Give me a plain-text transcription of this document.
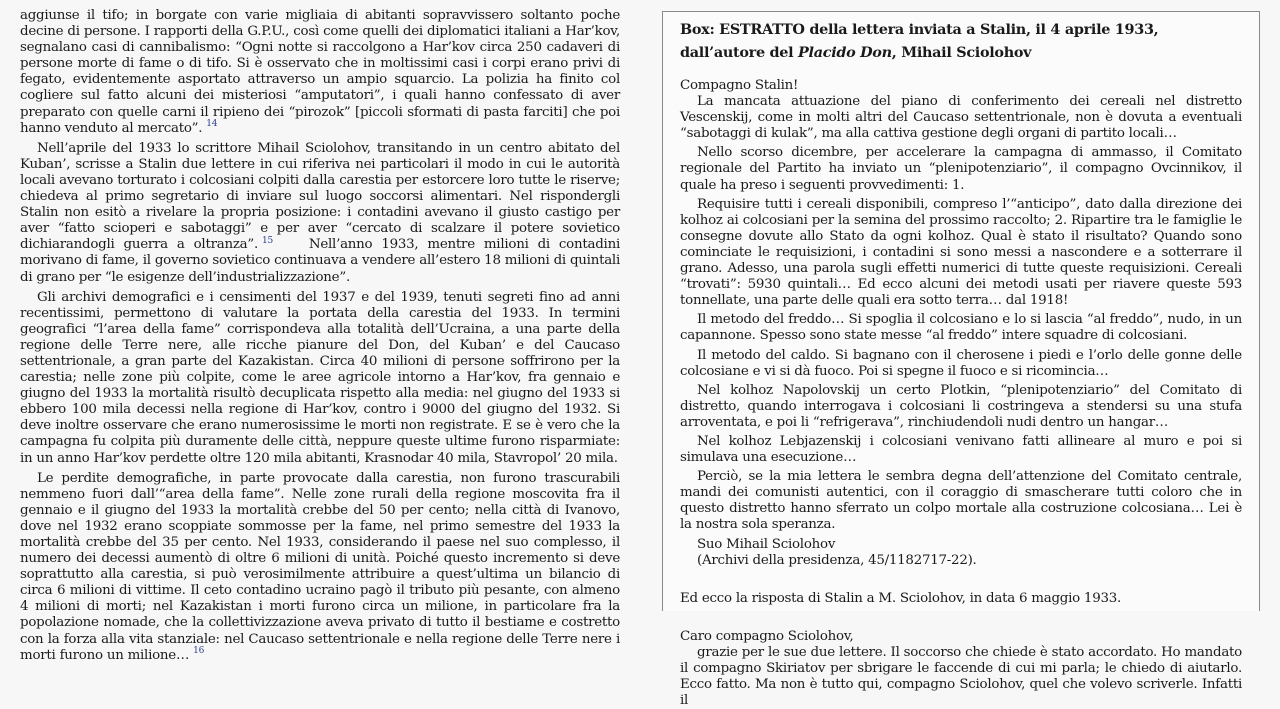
aggiunse il tifo; in borgate con varie migliaia di abitanti sopravvissero soltanto poche decine di persone. I rapporti della G.P.U., così come quelli dei diplomatici italiani a Har’kov, segnalano casi di cannibalismo: “Ogni notte si raccolgono a Har’kov circa 250 cadaveri di persone morte di fame o di tifo. Si è osservato che in moltissimi casi i corpi erano privi di fegato, evidentemente asportato attraverso un ampio squarcio. La polizia ha finito col cogliere sul fatto alcuni dei misteriosi “amputatori”, i quali hanno confessato di aver preparato con quelle carni il ripieno dei “pirozok” [piccoli sformati di pasta farciti] che poi hanno venduto al mercato”. $^{14}$

Nell’aprile del 1933 lo scrittore Mihail Sciolohov, transitando in un centro abitato del Kuban’, scrisse a Stalin due lettere in cui riferiva nei particolari il modo in cui le autorità locali avevano torturato i colcosiani colpiti dalla carestia per estorcere loro tutte le riserve; chiedeva al primo segretario di inviare sul luogo soccorsi alimentari. Nel rispondergli Stalin non esitò a rivelare la propria posizione: i contadini avevano il giusto castigo per aver “fatto scioperi e sabotaggi” e per aver “cercato di scalzare il potere sovietico dichiarandogli guerra a oltranza”. $^{15}$	Nell’anno 1933, mentre milioni di contadini morivano di fame, il governo sovietico continuava a vendere all’estero 18 milioni di quintali di grano per “le esigenze dell’industrializzazione”.

Gli archivi demografici e i censimenti del 1937 e del 1939, tenuti segreti fino ad anni recentissimi, permettono di valutare la portata della carestia del 1933. In termini geografici “l’area della fame” corrispondeva alla totalità dell’Ucraina, a una parte della regione delle Terre nere, alle ricche pianure del Don, del Kuban’ e del Caucaso settentrionale, a gran parte del Kazakistan. Circa 40 milioni di persone soffrirono per la carestia; nelle zone più colpite, come le aree agricole intorno a Har’kov, fra gennaio e giugno del 1933 la mortalità risultò decuplicata rispetto alla media: nel giugno del 1933 si ebbero 100 mila decessi nella regione di Har’kov, contro i 9000 del giugno del 1932. Si deve inoltre osservare che erano numerosissime le morti non registrate. E se è vero che la campagna fu colpita più duramente delle città, neppure queste ultime furono risparmiate: in un anno Har’kov perdette oltre 120 mila abitanti, Krasnodar 40 mila, Stavropol’ 20 mila.

Le perdite demografiche, in parte provocate dalla carestia, non furono trascurabili nemmeno fuori dall’“area della fame”. Nelle zone rurali della regione moscovita fra il gennaio e il giugno del 1933 la mortalità crebbe del 50 per cento; nella città di Ivanovo, dove nel 1932 erano scoppiate sommosse per la fame, nel primo semestre del 1933 la mortalità crebbe del 35 per cento. Nel 1933, considerando il paese nel suo complesso, il numero dei decessi aumentò di oltre 6 milioni di unità. Poiché questo incremento si deve soprattutto alla carestia, si può verosimilmente attribuire a quest’ultima un bilancio di circa 6 milioni di vittime. Il ceto contadino ucraino pagò il tributo più pesante, con almeno 4 milioni di morti; nel Kazakistan i morti furono circa un milione, in particolare fra la popolazione nomade, che la collettivizzazione aveva privato di tutto il bestiame e costretto con la forza alla vita stanziale: nel Caucaso settentrionale e nella regione delle Terre nere i morti furono un milione… $^{16}$

Box: ESTRATTO della lettera inviata a Stalin, il 4 aprile 1933, dall’autore del Placido Don, Mihail Sciolohov

Compagno Stalin!

La mancata attuazione del piano di conferimento dei cereali nel distretto Vescenskij, come in molti altri del Caucaso settentrionale, non è dovuta a eventuali “sabotaggi di kulak”, ma alla cattiva gestione degli organi di partito locali…

Nello scorso dicembre, per accelerare la campagna di ammasso, il Comitato regionale del Partito ha inviato un “plenipotenziario”, il compagno Ovcinnikov, il quale ha preso i seguenti provvedimenti: 1.

Requisire tutti i cereali disponibili, compreso l’“anticipo”, dato dalla direzione dei kolhoz ai colcosiani per la semina del prossimo raccolto; 2. Ripartire tra le famiglie le consegne dovute allo Stato da ogni kolhoz. Qual è stato il risultato? Quando sono cominciate le requisizioni, i contadini si sono messi a nascondere e a sotterrare il grano. Adesso, una parola sugli effetti numerici di tutte queste requisizioni. Cereali “trovati”: 5930 quintali… Ed ecco alcuni dei metodi usati per riavere queste 593 tonnellate, una parte delle quali era sotto terra… dal 1918!

Il metodo del freddo… Si spoglia il colcosiano e lo si lascia “al freddo”, nudo, in un capannone. Spesso sono state messe “al freddo” intere squadre di colcosiani.

Il metodo del caldo. Si bagnano con il cherosene i piedi e l’orlo delle gonne delle colcosiane e vi si dà fuoco. Poi si spegne il fuoco e si ricomincia…

Nel kolhoz Napolovskij un certo Plotkin, “plenipotenziario” del Comitato di distretto, quando interrogava i colcosiani li costringeva a stendersi su una stufa arroventata, e poi li “refrigerava”, rinchiudendoli nudi dentro un hangar…

Nel kolhoz Lebjazenskij i colcosiani venivano fatti allineare al muro e poi si simulava una esecuzione…

Perciò, se la mia lettera le sembra degna dell’attenzione del Comitato centrale, mandi dei comunisti autentici, con il coraggio di smascherare tutti coloro che in questo distretto hanno sferrato un colpo mortale alla costruzione colcosiana… Lei è la nostra sola speranza.

Suo Mihail Sciolohov

(Archivi della presidenza, 45/1182717-22).

Ed ecco la risposta di Stalin a M. Sciolohov, in data 6 maggio 1933.

Caro compagno Sciolohov,

grazie per le sue due lettere. Il soccorso che chiede è stato accordato. Ho mandato il compagno Skiriatov per sbrigare le faccende di cui mi parla; le chiedo di aiutarlo. Ecco fatto. Ma non è tutto qui, compagno Sciolohov, quel che volevo scriverle. Infatti il
